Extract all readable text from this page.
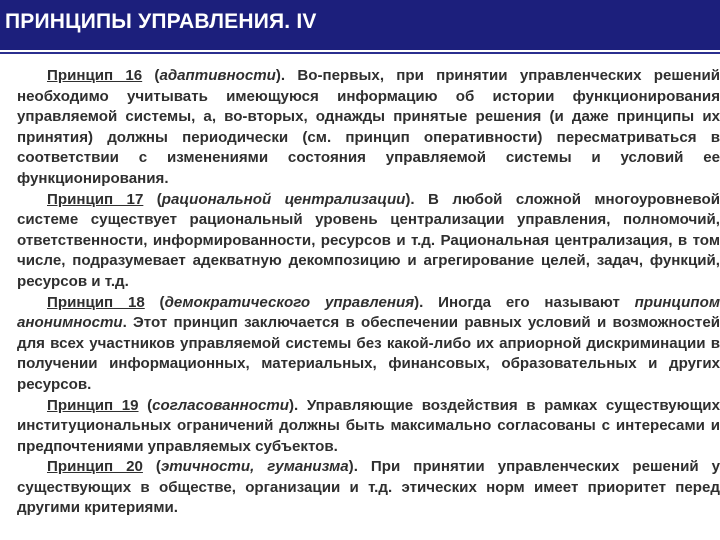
ПРИНЦИПЫ УПРАВЛЕНИЯ. IV

Принцип 16 (адаптивности). Во-первых, при принятии управленческих решений необходимо учитывать имеющуюся информацию об истории функционирования управляемой системы, а, во-вторых, однажды принятые решения (и даже принципы их принятия) должны периодически (см. принцип оперативности) пересматриваться в соответствии с изменениями состояния управляемой системы и условий ее функционирования.

Принцип 17 (рациональной централизации). В любой сложной многоуровневой системе существует рациональный уровень централизации управления, полномочий, ответственности, информированности, ресурсов и т.д. Рациональная централизация, в том числе, подразумевает адекватную декомпозицию и агрегирование целей, задач, функций, ресурсов и т.д.

Принцип 18 (демократического управления). Иногда его называют принципом анонимности. Этот принцип заключается в обеспечении равных условий и возможностей для всех участников управляемой системы без какой-либо их априорной дискриминации в получении информационных, материальных, финансовых, образовательных и других ресурсов.

Принцип 19 (согласованности). Управляющие воздействия в рамках существующих институциональных ограничений должны быть максимально согласованы с интересами и предпочтениями управляемых субъектов.

Принцип 20 (этичности, гуманизма). При принятии управленческих решений у существующих в обществе, организации и т.д. этических норм имеет приоритет перед другими критериями.
